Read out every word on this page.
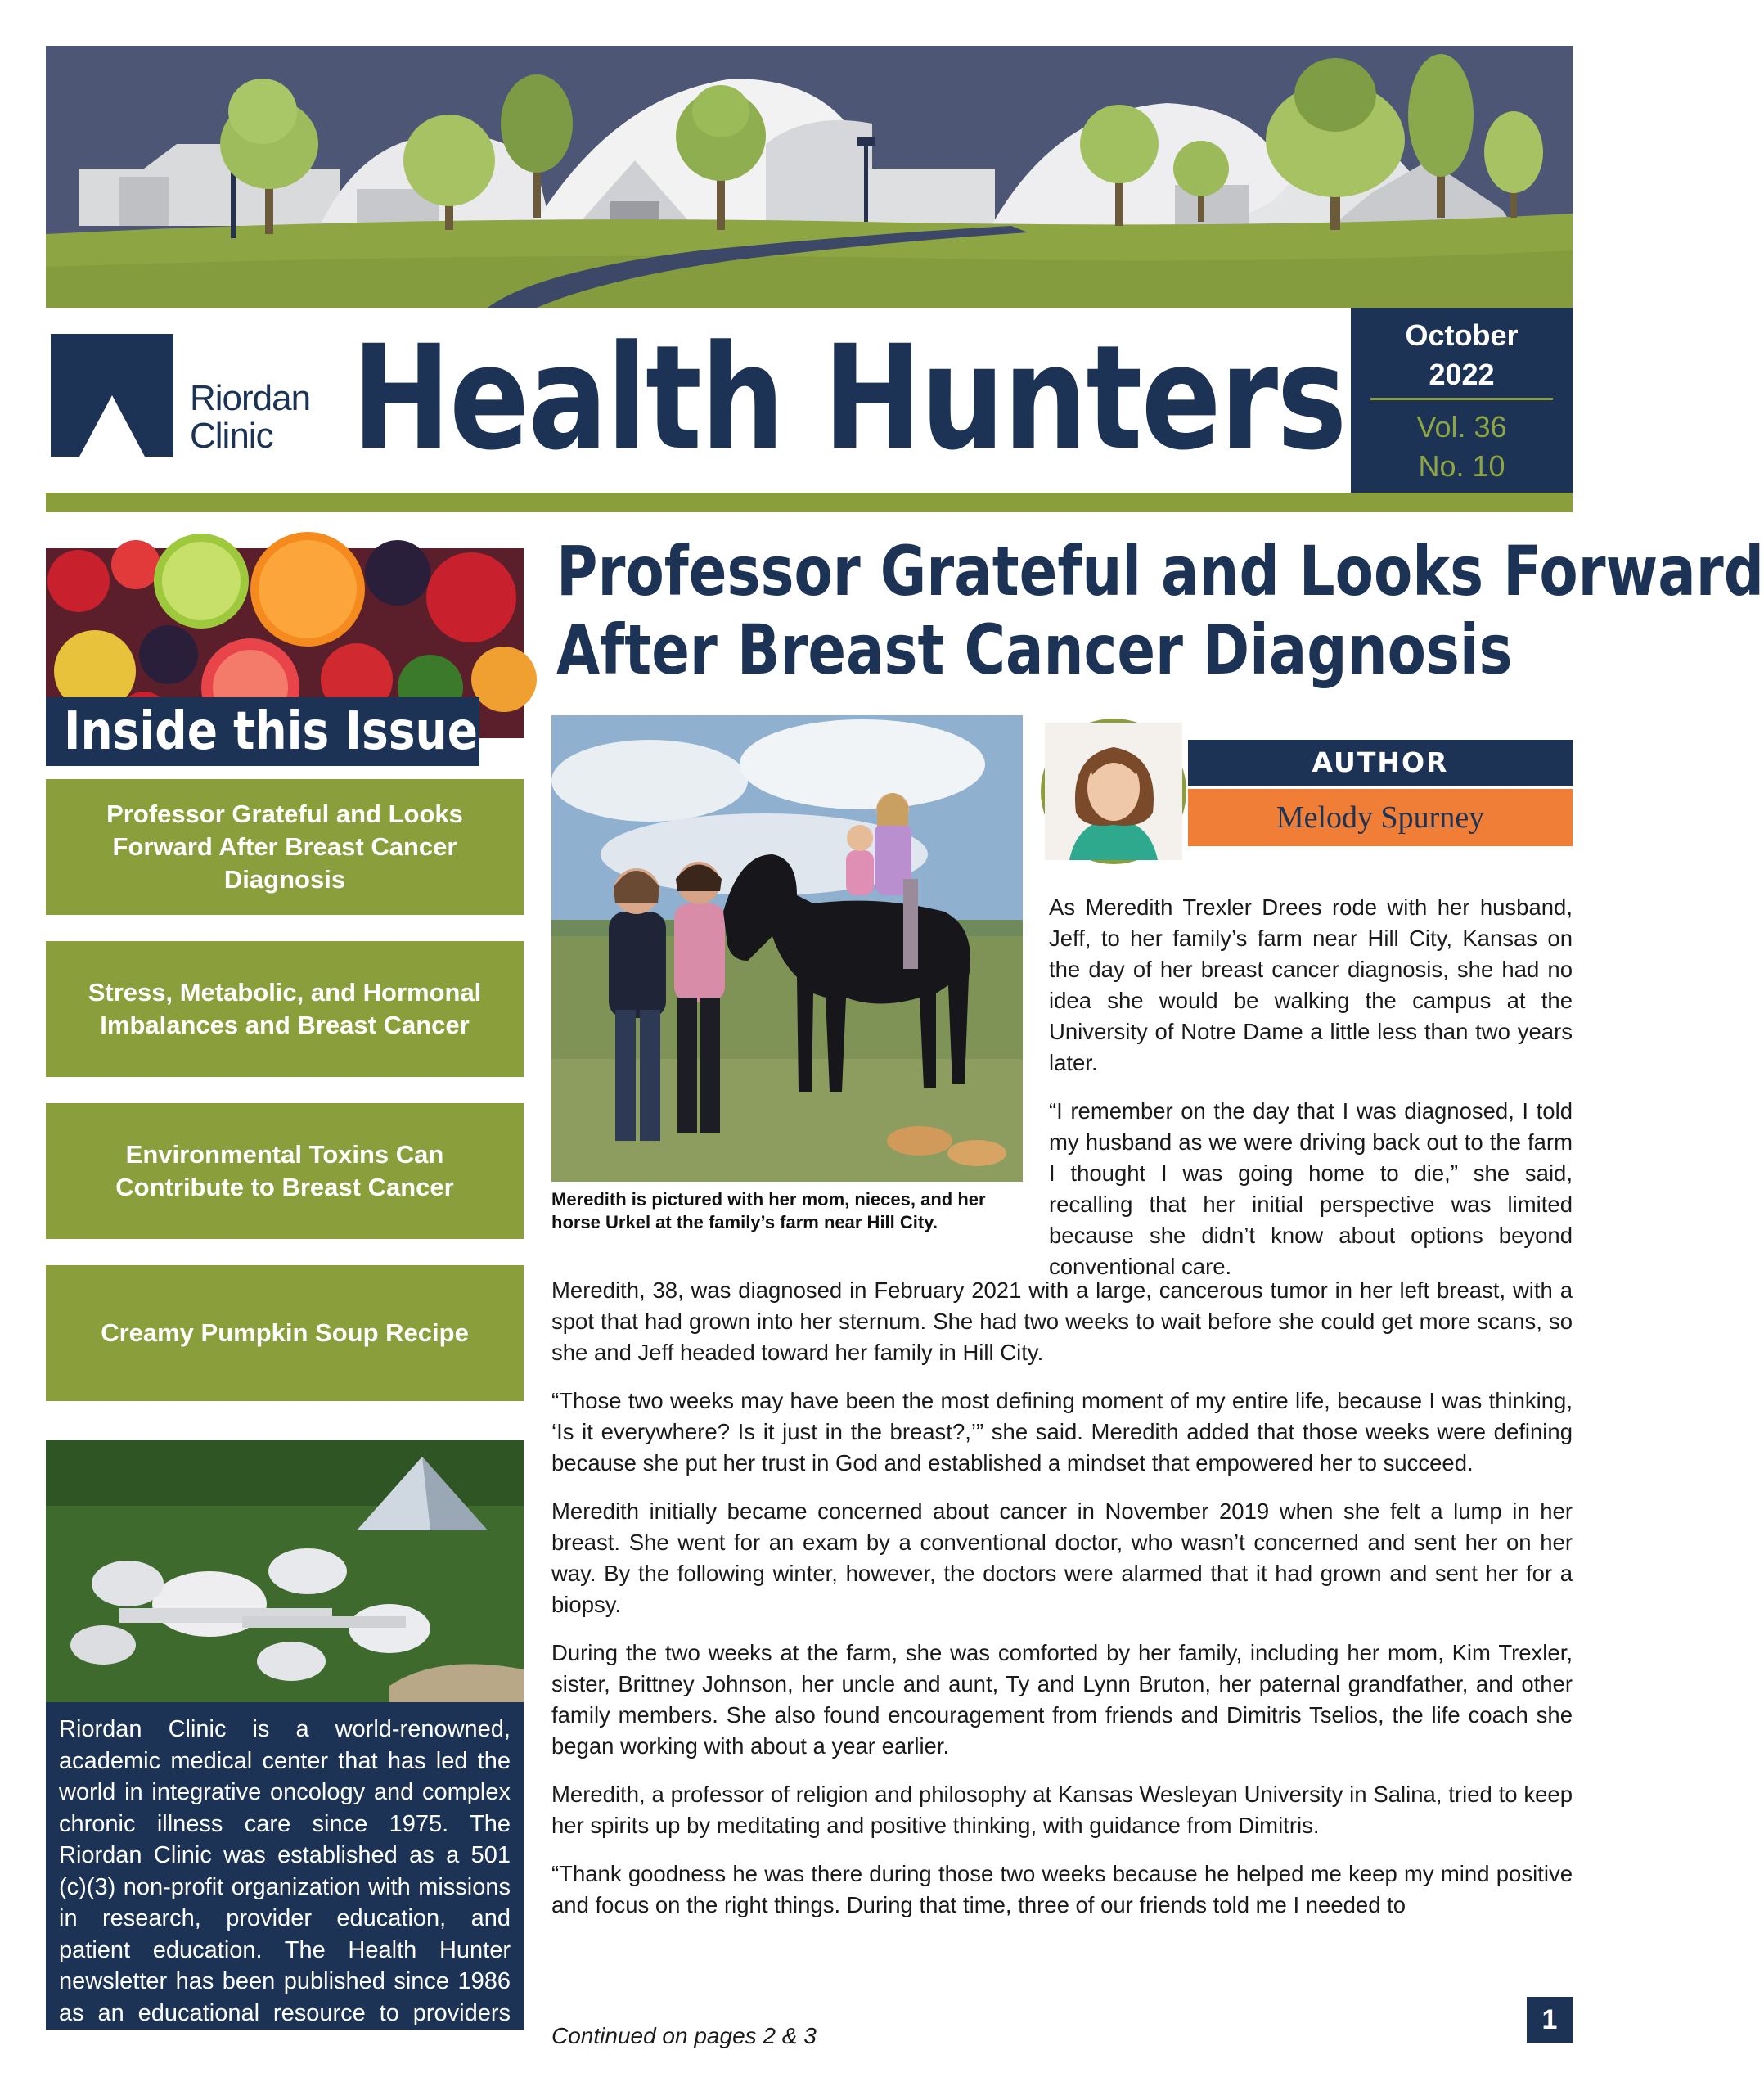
Riordan
Clinic Health Hunters	October
2022
Vol. 36
No. 10
Inside this Issue
Professor Grateful and Looks Forward After Breast Cancer Diagnosis
Stress, Metabolic, and Hormonal Imbalances and Breast Cancer
Environmental Toxins Can Contribute to Breast Cancer
Creamy Pumpkin Soup Recipe
Riordan Clinic is a world-renowned, academic medical center that has led the world in integrative oncology and complex chronic illness care since 1975. The Riordan Clinic was established as a 501 (c)(3) non-profit organization with missions in research, provider education, and patient education. The Health Hunter newsletter has been published since 1986 as an educational resource to providers and patients.
Professor Grateful and Looks Forward
After Breast Cancer Diagnosis
Meredith is pictured with her mom, nieces, and her horse Urkel at the family’s farm near Hill City.
AUTHOR
Melody Spurney

As Meredith Trexler Drees rode with her husband, Jeff, to her family’s farm near Hill City, Kansas on the day of her breast cancer diagnosis, she had no idea she would be walking the campus at the University of Notre Dame a little less than two years later.

“I remember on the day that I was diagnosed, I told my husband as we were driving back out to the farm I thought I was going home to die,” she said, recalling that her initial perspective was limited because she didn’t know about options beyond conventional care.

Meredith, 38, was diagnosed in February 2021 with a large, cancerous tumor in her left breast, with a spot that had grown into her sternum. She had two weeks to wait before she could get more scans, so she and Jeff headed toward her family in Hill City.

“Those two weeks may have been the most defining moment of my entire life, because I was thinking, ‘Is it everywhere? Is it just in the breast?,’” she said. Meredith added that those weeks were defining because she put her trust in God and established a mindset that empowered her to succeed.

Meredith initially became concerned about cancer in November 2019 when she felt a lump in her breast. She went for an exam by a conventional doctor, who wasn’t concerned and sent her on her way. By the following winter, however, the doctors were alarmed that it had grown and sent her for a biopsy.

During the two weeks at the farm, she was comforted by her family, including her mom, Kim Trexler, sister, Brittney Johnson, her uncle and aunt, Ty and Lynn Bruton, her paternal grandfather, and other family members. She also found encouragement from friends and Dimitris Tselios, the life coach she began working with about a year earlier.

Meredith, a professor of religion and philosophy at Kansas Wesleyan University in Salina, tried to keep her spirits up by meditating and positive thinking, with guidance from Dimitris.

“Thank goodness he was there during those two weeks because he helped me keep my mind positive and focus on the right things. During that time, three of our friends told me I needed to

Continued on pages 2 & 3
1
